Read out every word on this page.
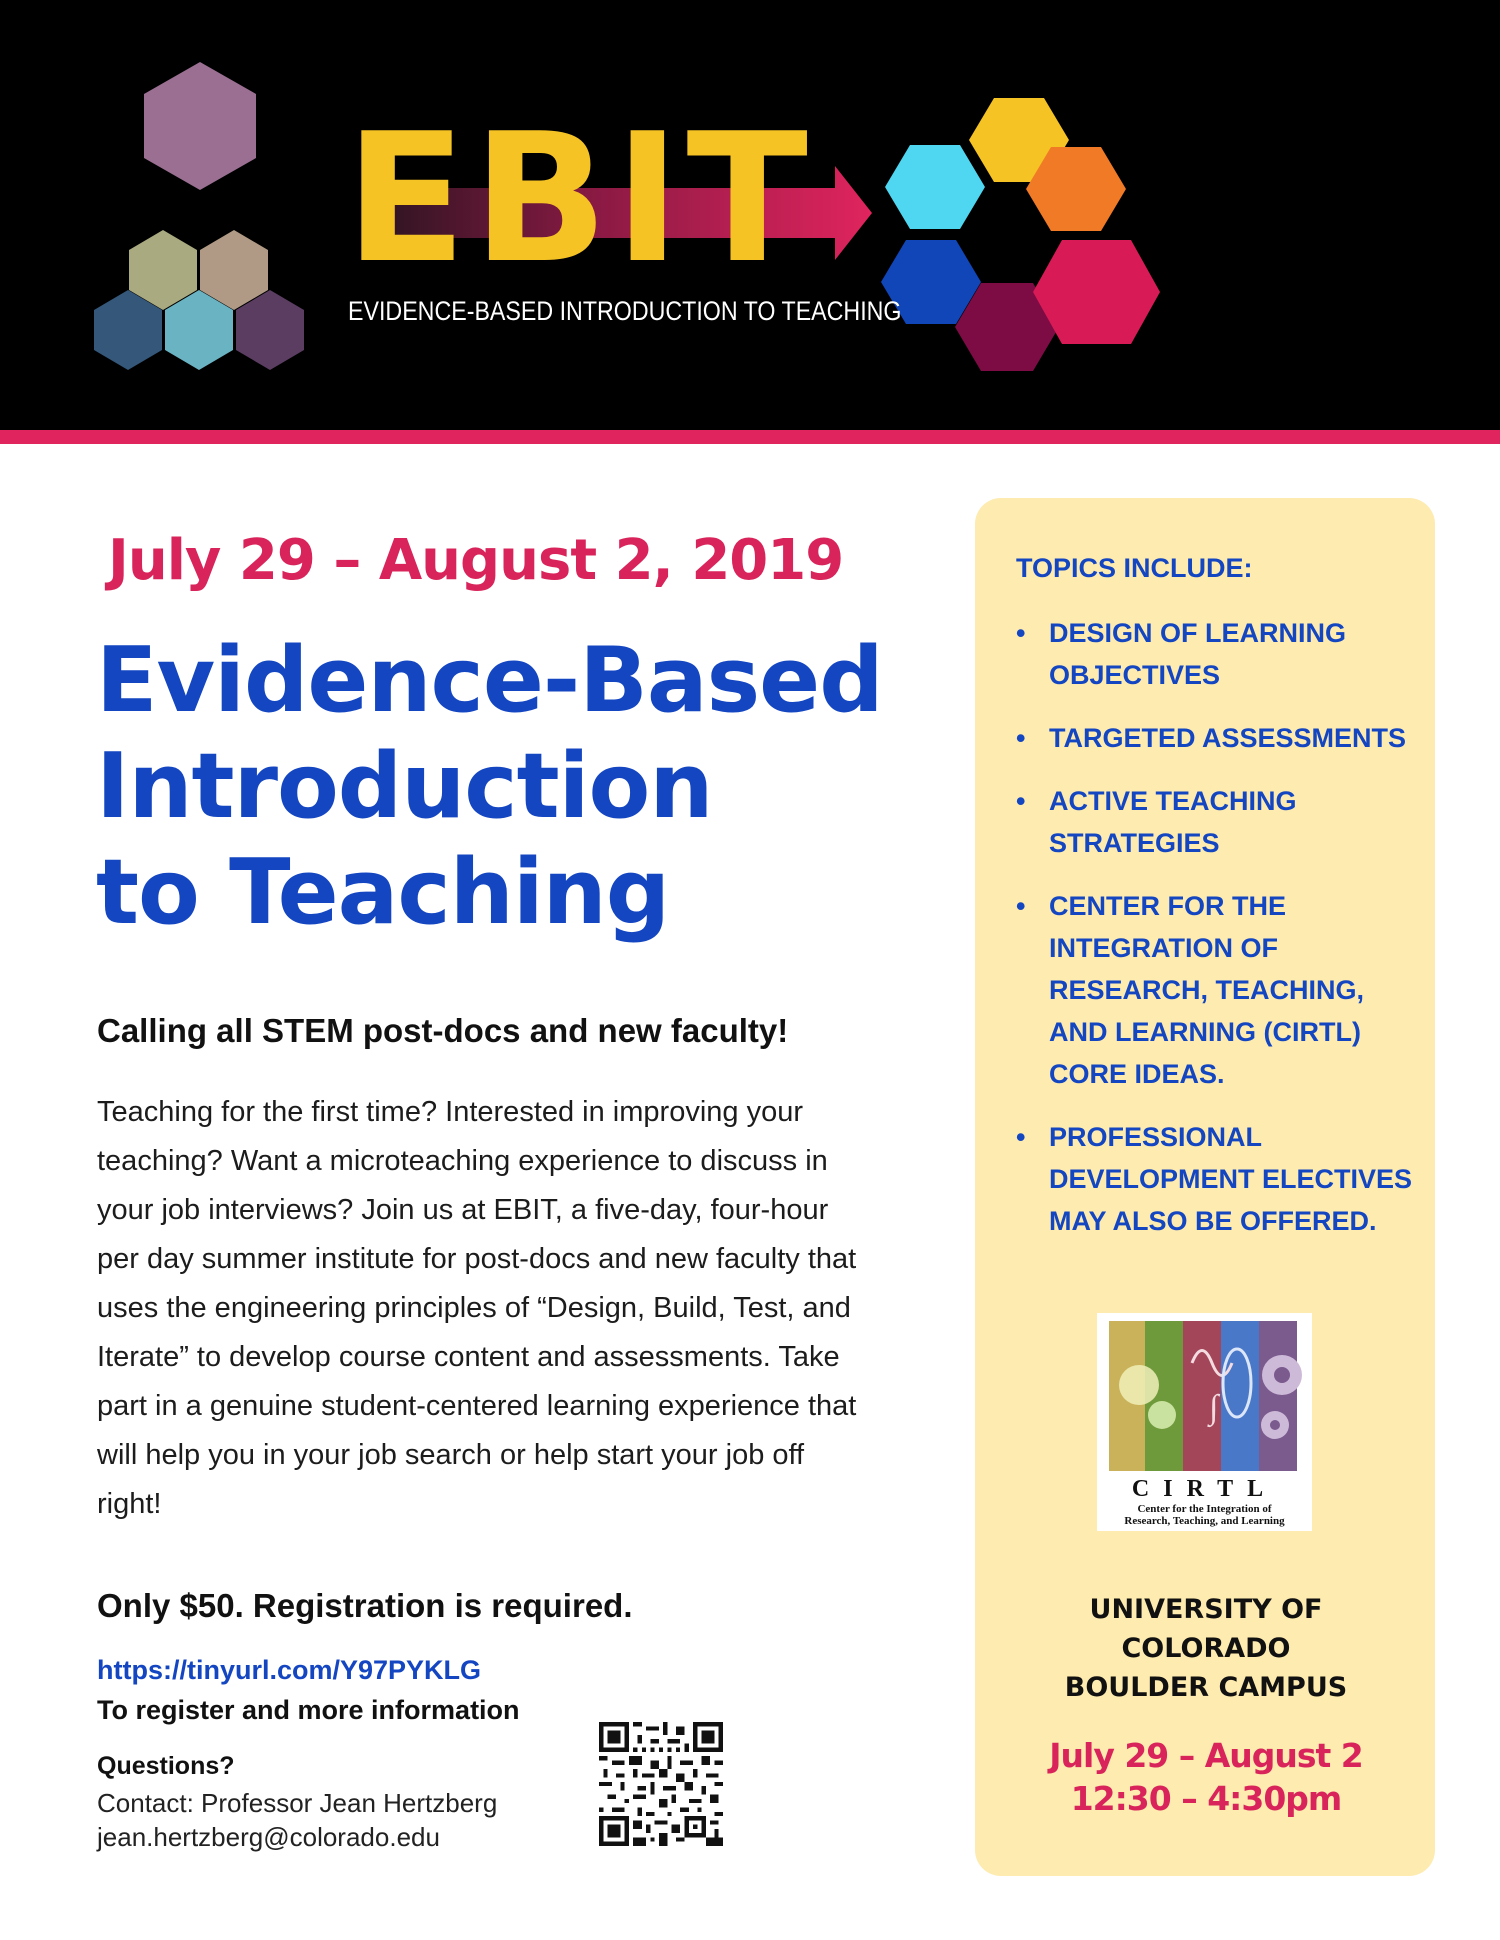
EBIT
EVIDENCE-BASED INTRODUCTION TO TEACHING
July 29 – August 2, 2019
Evidence-Based
Introduction
to Teaching
Calling all STEM post-docs and new faculty!
Teaching for the first time? Interested in improving your teaching? Want a microteaching experience to discuss in your job interviews? Join us at EBIT, a five-day, four-hour per day summer institute for post-docs and new faculty that uses the engineering principles of “Design, Build, Test, and Iterate” to develop course content and assessments. Take part in a genuine student-centered learning experience that will help you in your job search or help start your job off right!
Only $50. Registration is required.
https://tinyurl.com/Y97PYKLG
To register and more information
Questions?
Contact: Professor Jean Hertzberg
jean.hertzberg@colorado.edu
TOPICS INCLUDE:
• DESIGN OF LEARNING OBJECTIVES
• TARGETED ASSESSMENTS
• ACTIVE TEACHING STRATEGIES
• CENTER FOR THE INTEGRATION OF RESEARCH, TEACHING, AND LEARNING (CIRTL) CORE IDEAS.
• PROFESSIONAL DEVELOPMENT ELECTIVES MAY ALSO BE OFFERED.
∫
CIRTL
Center for the Integration of
Research, Teaching, and Learning
UNIVERSITY OF
COLORADO
BOULDER CAMPUS
July 29 – August 2
12:30 – 4:30pm
